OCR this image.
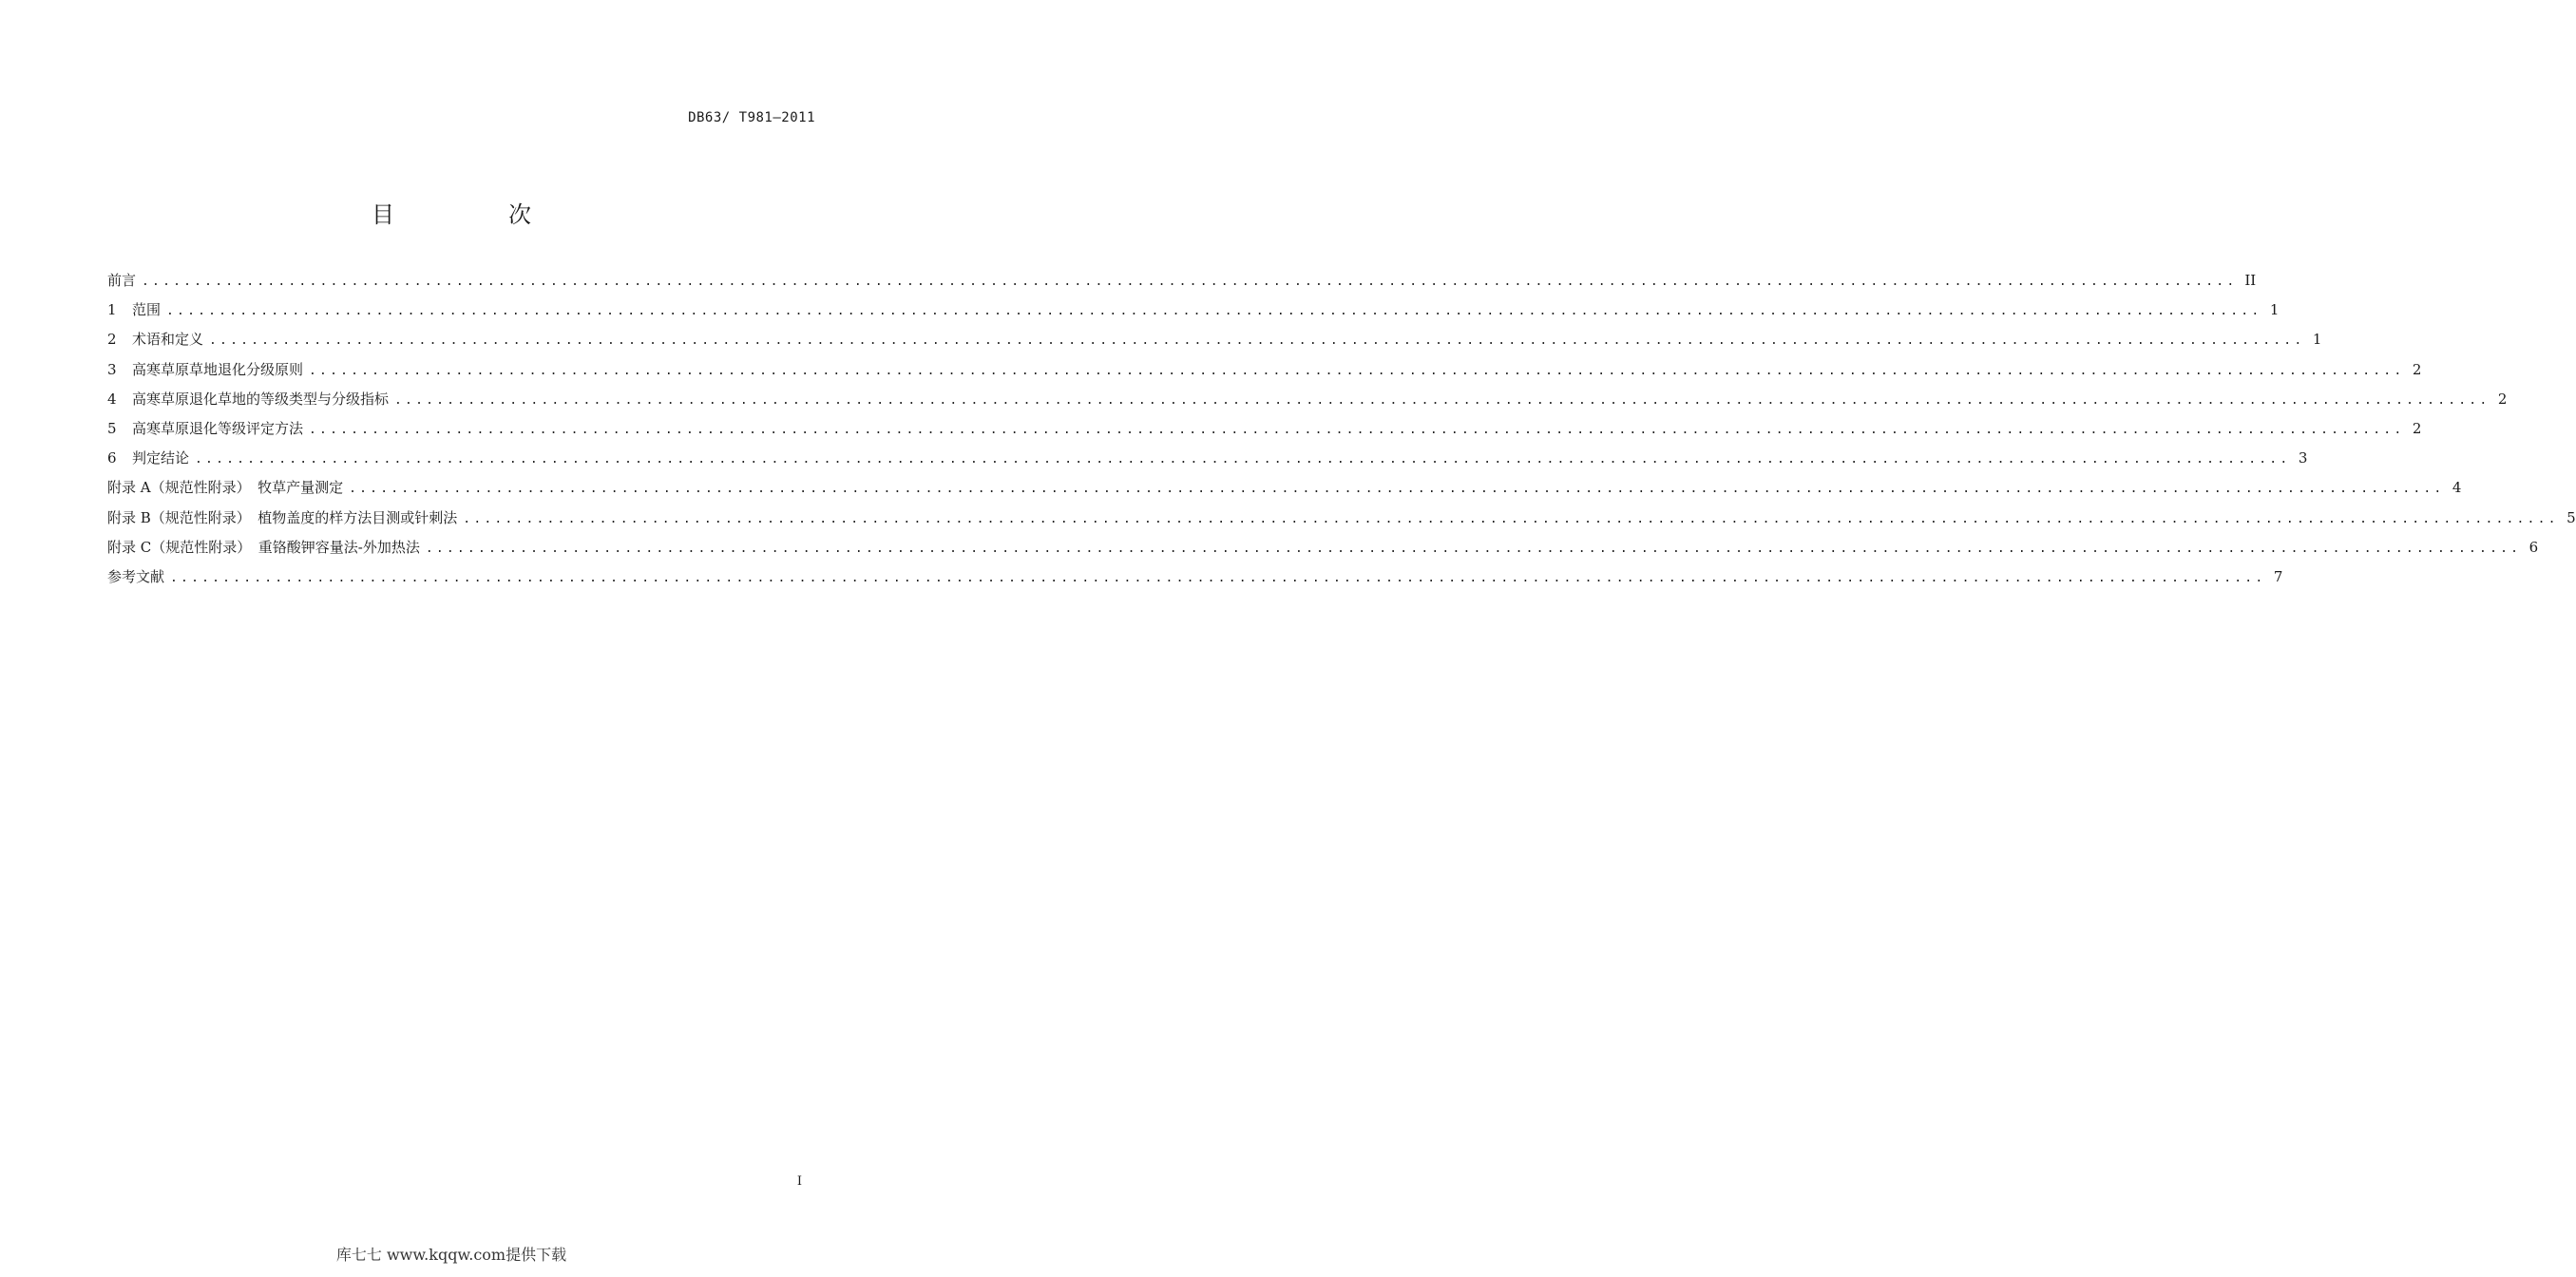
DB63/ T981—2011
目　次
前言 ........................................................................................................................................................................................................ II
1	范围 ........................................................................................................................................................................................................ 1
2	术语和定义 ........................................................................................................................................................................................................ 1
3	高寒草原草地退化分级原则 ........................................................................................................................................................................................................ 2
4	高寒草原退化草地的等级类型与分级指标 ........................................................................................................................................................................................................ 2
5	高寒草原退化等级评定方法 ........................................................................................................................................................................................................ 2
6	判定结论 ........................................................................................................................................................................................................ 3
附录 A（规范性附录）　牧草产量测定 ........................................................................................................................................................................................................ 4
附录 B（规范性附录）　植物盖度的样方法目测或针刺法 ........................................................................................................................................................................................................ 5
附录 C（规范性附录）　重铬酸钾容量法-外加热法 ........................................................................................................................................................................................................ 6
参考文献 ........................................................................................................................................................................................................ 7
I
库七七 www.kqqw.com提供下载
